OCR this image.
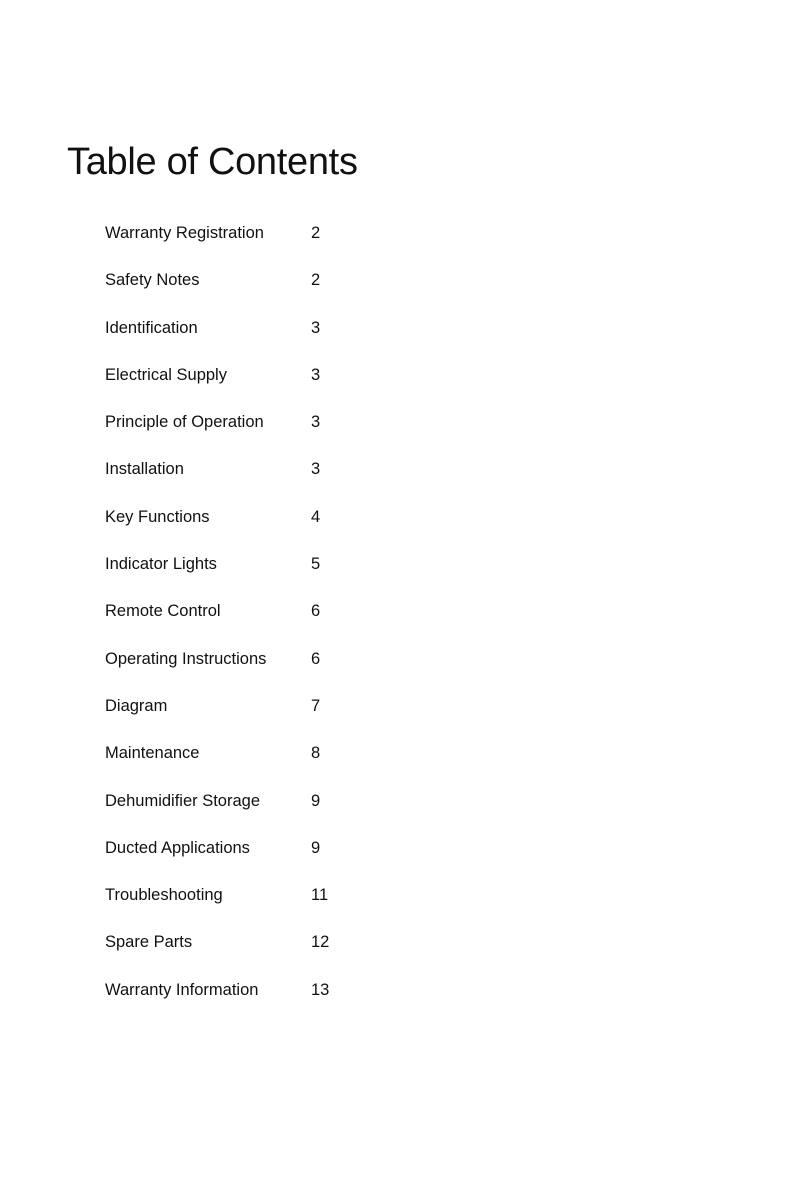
Table of Contents
Warranty Registration	2
Safety Notes	2
Identification	3
Electrical Supply	3
Principle of Operation	3
Installation	3
Key Functions	4
Indicator Lights	5
Remote Control	6
Operating Instructions	6
Diagram	7
Maintenance	8
Dehumidifier Storage	9
Ducted Applications	9
Troubleshooting	11
Spare Parts	12
Warranty Information	13
